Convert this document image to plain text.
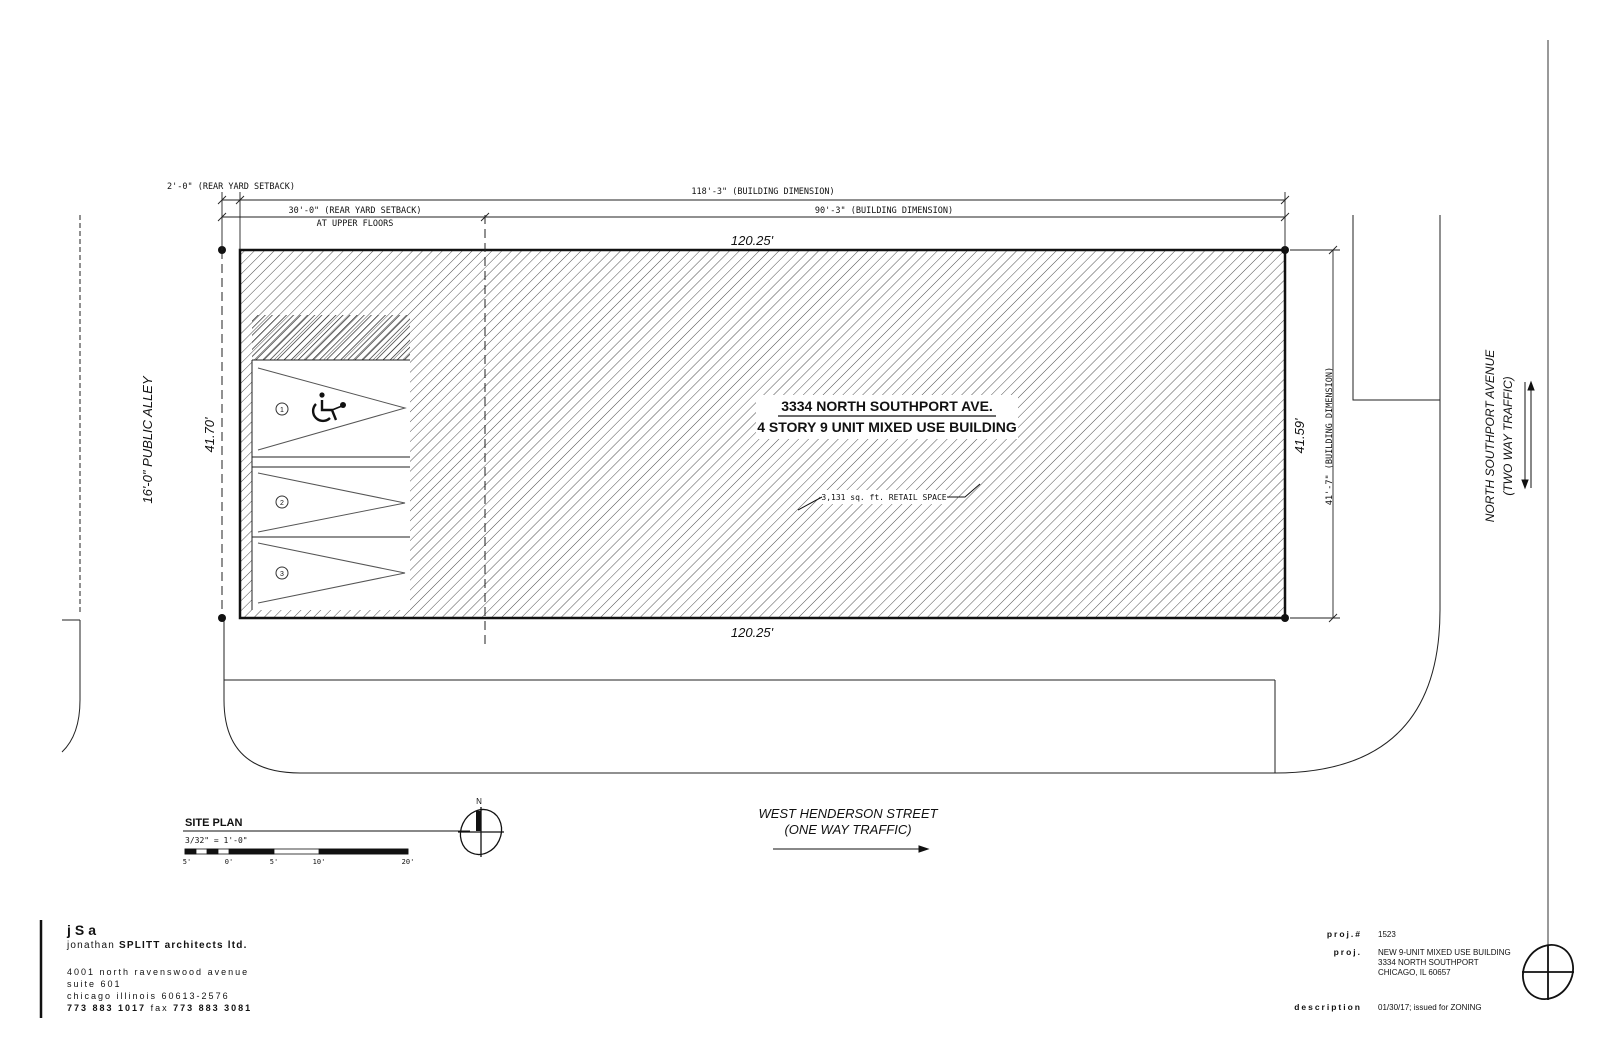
1
2
3
3334 NORTH SOUTHPORT AVE.
4 STORY 9 UNIT MIXED USE BUILDING
3,131 sq. ft. RETAIL SPACE
2'-0" (REAR YARD SETBACK)	118'-3" (BUILDING DIMENSION)
30'-0" (REAR YARD SETBACK)
AT UPPER FLOORS
90'-3" (BUILDING DIMENSION)
120.25'
120.25'
41.70'	41.59' 41'-7" (BUILDING DIMENSION)
16'-0" PUBLIC ALLEY	NORTH SOUTHPORT AVENUE (TWO WAY TRAFFIC)
WEST HENDERSON STREET
(ONE WAY TRAFFIC)
SITE PLAN
3/32" = 1'-0"
5'	0'	5'	10'	20'
N
jSa
jonathan SPLITT architects ltd.
4001 north ravenswood avenue
suite 601
chicago illinois 60613-2576
773 883 1017 fax 773 883 3081
proj.# 1523
proj. NEW 9-UNIT MIXED USE BUILDING
3334 NORTH SOUTHPORT
CHICAGO, IL 60657
description 01/30/17; issued for ZONING
